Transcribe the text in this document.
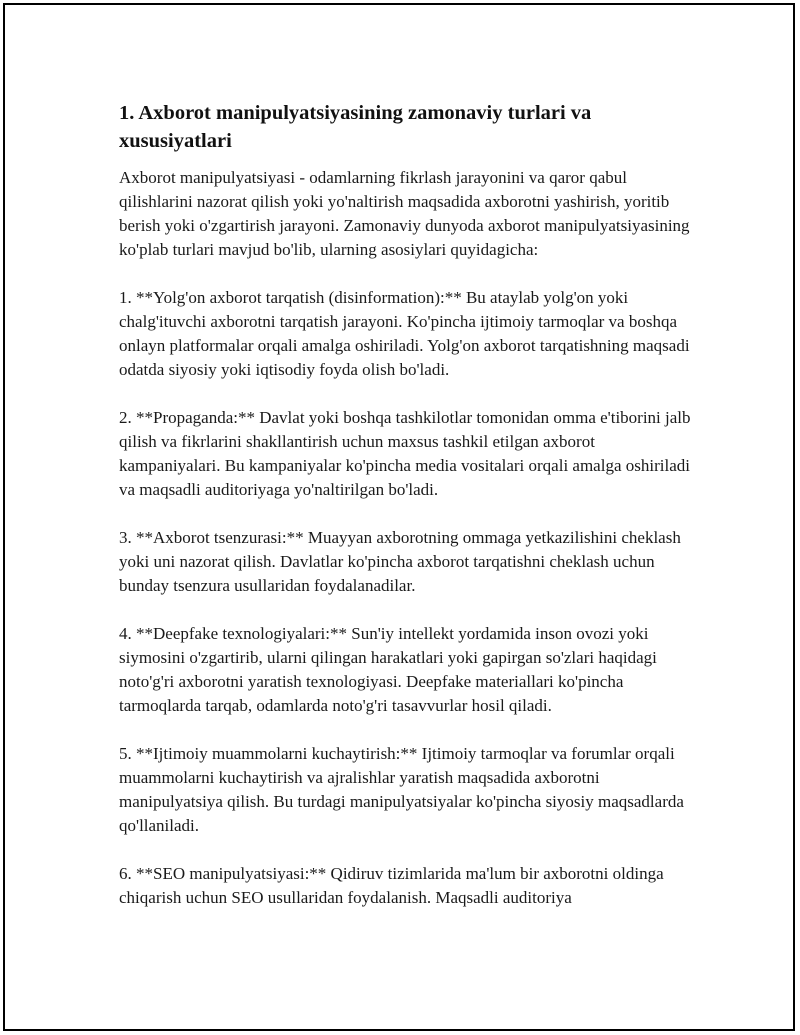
1. Axborot manipulyatsiyasining zamonaviy turlari va xususiyatlari

Axborot manipulyatsiyasi - odamlarning fikrlash jarayonini va qaror qabul qilishlarini nazorat qilish yoki yo'naltirish maqsadida axborotni yashirish, yoritib berish yoki o'zgartirish jarayoni. Zamonaviy dunyoda axborot manipulyatsiyasining ko'plab turlari mavjud bo'lib, ularning asosiylari quyidagicha:

1. **Yolg'on axborot tarqatish (disinformation):** Bu ataylab yolg'on yoki chalg'ituvchi axborotni tarqatish jarayoni. Ko'pincha ijtimoiy tarmoqlar va boshqa onlayn platformalar orqali amalga oshiriladi. Yolg'on axborot tarqatishning maqsadi odatda siyosiy yoki iqtisodiy foyda olish bo'ladi.

2. **Propaganda:** Davlat yoki boshqa tashkilotlar tomonidan omma e'tiborini jalb qilish va fikrlarini shakllantirish uchun maxsus tashkil etilgan axborot kampaniyalari. Bu kampaniyalar ko'pincha media vositalari orqali amalga oshiriladi va maqsadli auditoriyaga yo'naltirilgan bo'ladi.

3. **Axborot tsenzurasi:** Muayyan axborotning ommaga yetkazilishini cheklash yoki uni nazorat qilish. Davlatlar ko'pincha axborot tarqatishni cheklash uchun bunday tsenzura usullaridan foydalanadilar.

4. **Deepfake texnologiyalari:** Sun'iy intellekt yordamida inson ovozi yoki siymosini o'zgartirib, ularni qilingan harakatlari yoki gapirgan so'zlari haqidagi noto'g'ri axborotni yaratish texnologiyasi. Deepfake materiallari ko'pincha tarmoqlarda tarqab, odamlarda noto'g'ri tasavvurlar hosil qiladi.

5. **Ijtimoiy muammolarni kuchaytirish:** Ijtimoiy tarmoqlar va forumlar orqali muammolarni kuchaytirish va ajralishlar yaratish maqsadida axborotni manipulyatsiya qilish. Bu turdagi manipulyatsiyalar ko'pincha siyosiy maqsadlarda qo'llaniladi.

6. **SEO manipulyatsiyasi:** Qidiruv tizimlarida ma'lum bir axborotni oldinga chiqarish uchun SEO usullaridan foydalanish. Maqsadli auditoriya
